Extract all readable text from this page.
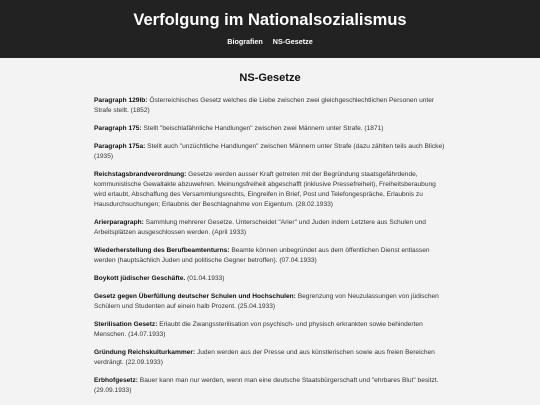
Verfolgung im Nationalsozialismus
Biografien NS-Gesetze
NS-Gesetze

Paragraph 129Ib: Österreichisches Gesetz welches die Liebe zwischen zwei gleichgeschlechtlichen Personen unter Strafe stellt. (1852)

Paragraph 175: Stellt "beischlafähnliche Handlungen" zwischen zwei Männern unter Strafe. (1871)

Paragraph 175a: Stellt auch "unzüchtliche Handlungen" zwischen Männern unter Strafe (dazu zählten teils auch Blicke) (1935)

Reichstagsbrandverordnung: Gesetze werden ausser Kraft getreten mit der Begründung staatsgefährdende, kommunistische Gewaltakte abzuwehren. Meinungsfreiheit abgeschafft (inklusive Pressefreiheit), Freiheitsberaubung wird erlaubt, Abschaffung des Versammlungsrechts, Eingreifen in Brief, Post und Telefongespräche, Erlaubnis zu Hausdurchsuchungen; Erlaubnis der Beschlagnahme von Eigentum. (28.02.1933)

Arierparagraph: Sammlung mehrerer Gesetze. Unterscheidet "Arier" und Juden indem Letztere aus Schulen und Arbeitsplätzen ausgeschlossen werden. (April 1933)

Wiederherstellung des Berufbeamtenturns: Beamte können unbegründet aus dem öffentlichen Dienst entlassen werden (hauptsächlich Juden und politische Gegner betroffen). (07.04.1933)

Boykott jüdischer Geschäfte. (01.04.1933)

Gesetz gegen Überfüllung deutscher Schulen und Hochschulen: Begrenzung von Neuzulassungen von jüdischen Schülern und Studenten auf einein halb Prozent. (25.04.1933)

Sterilisation Gesetz: Erlaubt die Zwangssterilisation von psychisch- und physisch erkrankten sowie behinderten Menschen. (14.07.1933)

Gründung Reichskulturkammer: Juden werden aus der Presse und aus künstlerischen sowie aus freien Bereichen verdrängt. (22.09.1933)

Erbhofgesetz: Bauer kann man nur werden, wenn man eine deutsche Staatsbürgerschaft und "ehrbares Blut" besitzt. (29.09.1933)
